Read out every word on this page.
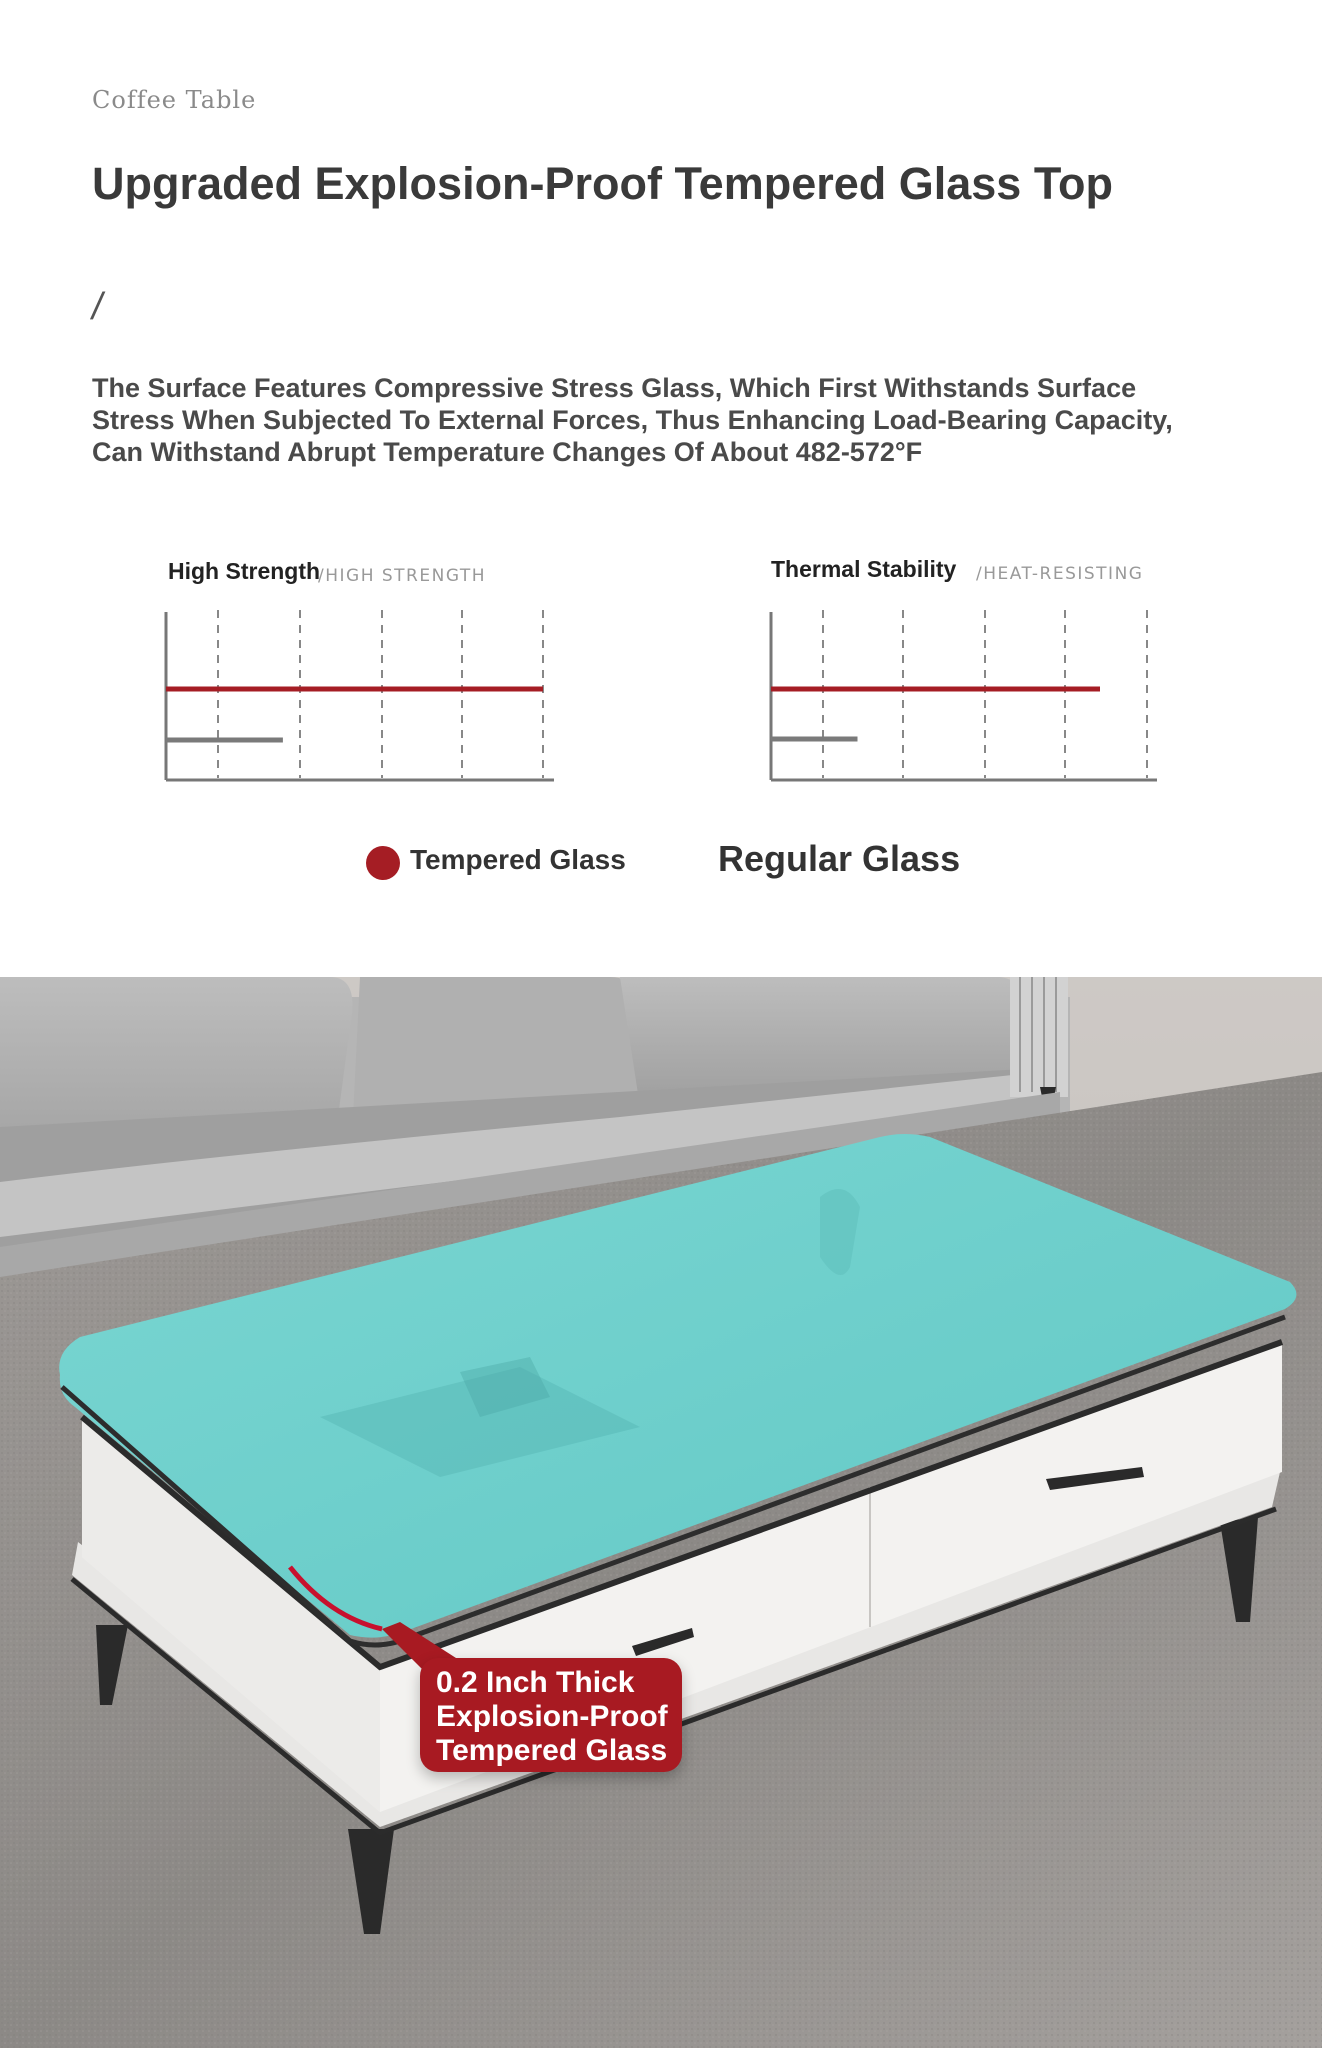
Coffee Table
Upgraded Explosion-Proof Tempered Glass Top
/
The Surface Features Compressive Stress Glass, Which First Withstands Surface Stress When Subjected To External Forces, Thus Enhancing Load-Bearing Capacity, Can Withstand Abrupt Temperature Changes Of About 482-572°F
High Strength
/HIGH STRENGTH	Thermal Stability /HEAT-RESISTING
Tempered Glass	Regular Glass
0.2 Inch Thick
Explosion-Proof
Tempered Glass
